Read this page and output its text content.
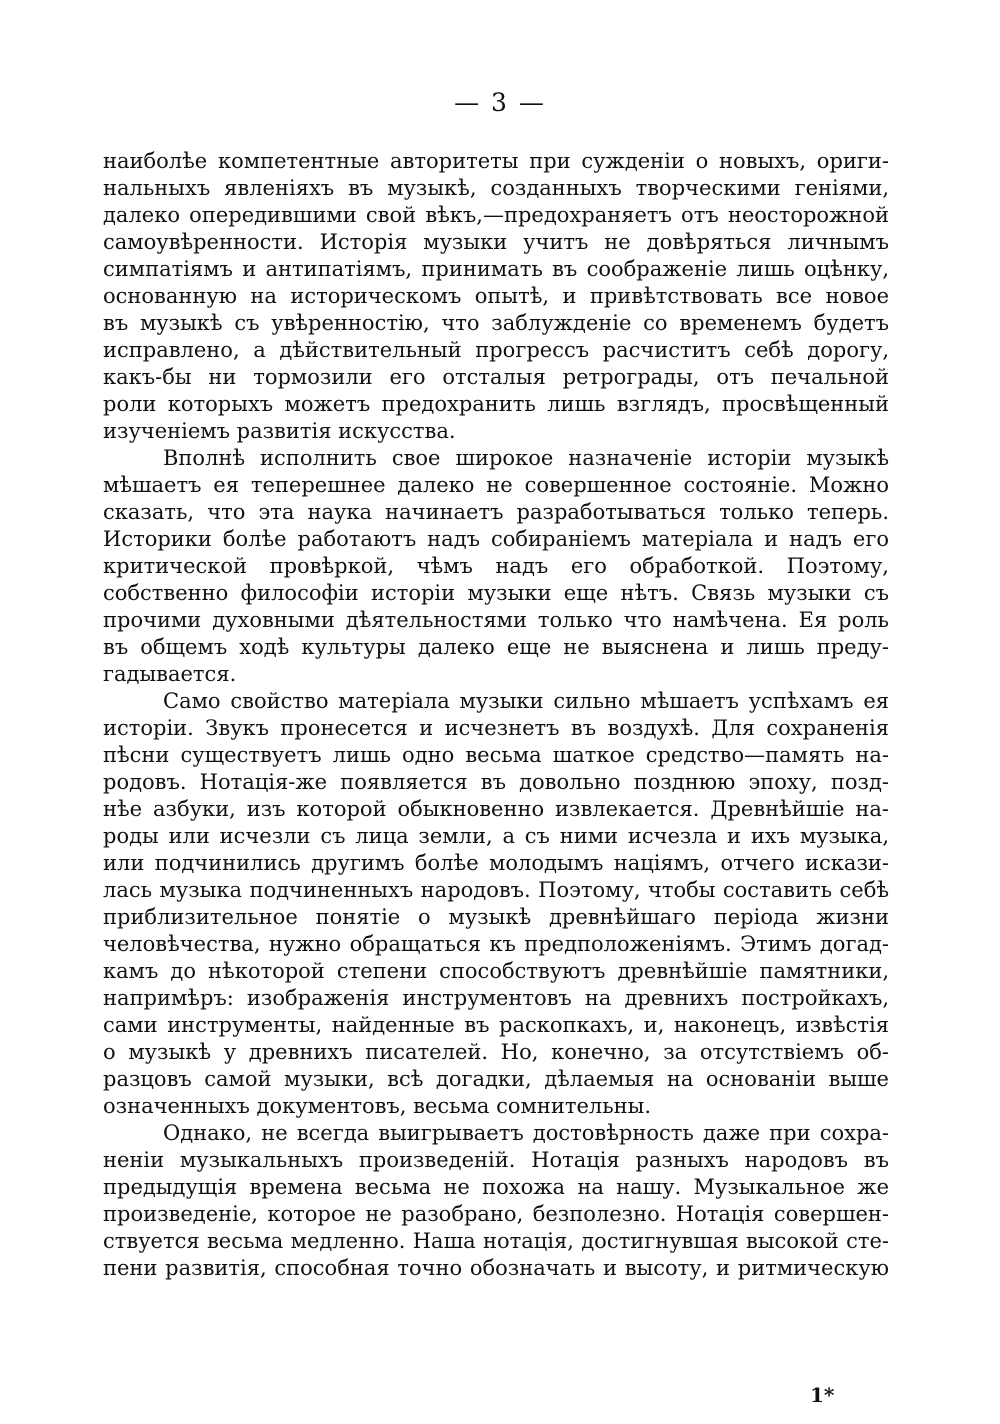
— 3 —
наиболѣе компетентные авторитеты при сужденіи о новыхъ, ориги-
нальныхъ явленіяхъ въ музыкѣ, созданныхъ творческими геніями,
далеко опередившими свой вѣкъ,—предохраняетъ отъ неосторожной
самоувѣренности. Исторія музыки учитъ не довѣряться личнымъ
симпатіямъ и антипатіямъ, принимать въ соображеніе лишь оцѣнку,
основанную на историческомъ опытѣ, и привѣтствовать все новое
въ музыкѣ съ увѣренностію, что заблужденіе со временемъ будетъ
исправлено, а дѣйствительный прогрессъ расчиститъ себѣ дорогу,
какъ-бы ни тормозили его отсталыя ретрограды, отъ печальной
роли которыхъ можетъ предохранить лишь взглядъ, просвѣщенный
изученіемъ развитія искусства.
Вполнѣ исполнить свое широкое назначеніе исторіи музыкѣ
мѣшаетъ ея теперешнее далеко не совершенное состояніе. Можно
сказать, что эта наука начинаетъ разработываться только теперь.
Историки болѣе работаютъ надъ собираніемъ матеріала и надъ его
критической провѣркой, чѣмъ надъ его обработкой. Поэтому,
собственно философіи исторіи музыки еще нѣтъ. Связь музыки съ
прочими духовными дѣятельностями только что намѣчена. Ея роль
въ общемъ ходѣ культуры далеко еще не выяснена и лишь преду-
гадывается.
Само свойство матеріала музыки сильно мѣшаетъ успѣхамъ ея
исторіи. Звукъ пронесется и исчезнетъ въ воздухѣ. Для сохраненія
пѣсни существуетъ лишь одно весьма шаткое средство—память на-
родовъ. Нотація-же появляется въ довольно позднюю эпоху, позд-
нѣе азбуки, изъ которой обыкновенно извлекается. Древнѣйшіе на-
роды или исчезли съ лица земли, а съ ними исчезла и ихъ музыка,
или подчинились другимъ болѣе молодымъ націямъ, отчего искази-
лась музыка подчиненныхъ народовъ. Поэтому, чтобы составить себѣ
приблизительное понятіе о музыкѣ древнѣйшаго періода жизни
человѣчества, нужно обращаться къ предположеніямъ. Этимъ догад-
камъ до нѣкоторой степени способствуютъ древнѣйшіе памятники,
напримѣръ: изображенія инструментовъ на древнихъ постройкахъ,
сами инструменты, найденные въ раскопкахъ, и, наконецъ, извѣстія
о музыкѣ у древнихъ писателей. Но, конечно, за отсутствіемъ об-
разцовъ самой музыки, всѣ догадки, дѣлаемыя на основаніи выше
означенныхъ документовъ, весьма сомнительны.
Однако, не всегда выигрываетъ достовѣрность даже при сохра-
неніи музыкальныхъ произведеній. Нотація разныхъ народовъ въ
предыдущія времена весьма не похожа на нашу. Музыкальное же
произведеніе, которое не разобрано, безполезно. Нотація совершен-
ствуется весьма медленно. Наша нотація, достигнувшая высокой сте-
пени развитія, способная точно обозначать и высоту, и ритмическую
1*
